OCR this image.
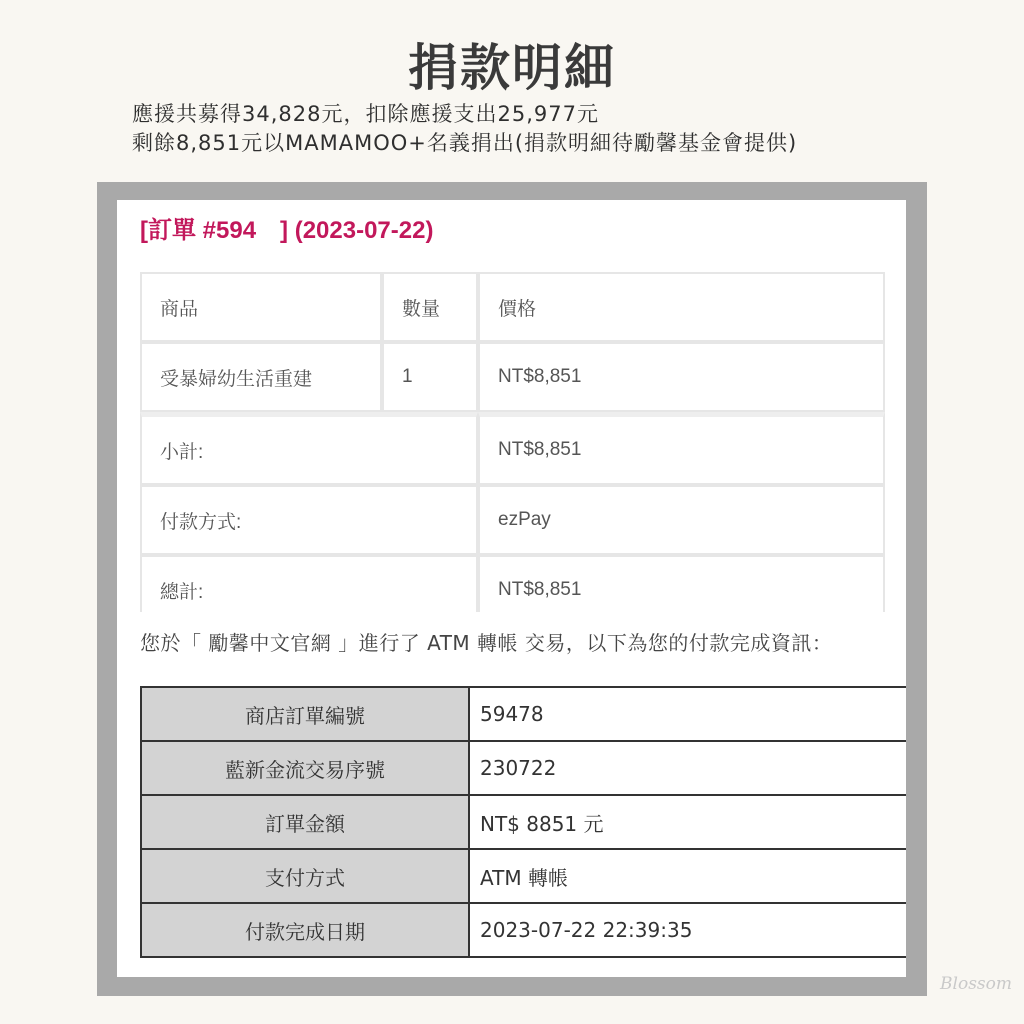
捐款明細
應援共募得34,828元，扣除應援支出25,977元
剩餘8,851元以MAMAMOO+名義捐出(捐款明細待勵馨基金會提供)
[訂單 #594　] (2023-07-22)
商品	數量	價格
受暴婦幼生活重建	1	NT$8,851
小計:		NT$8,851
付款方式:		ezPay
總計:		NT$8,851
您於「 勵馨中文官網 」進行了 ATM 轉帳 交易，以下為您的付款完成資訊：
商店訂單編號	59478
藍新金流交易序號	230722
訂單金額	NT$ 8851 元
支付方式	ATM 轉帳
付款完成日期	2023-07-22 22:39:35
Blossom
